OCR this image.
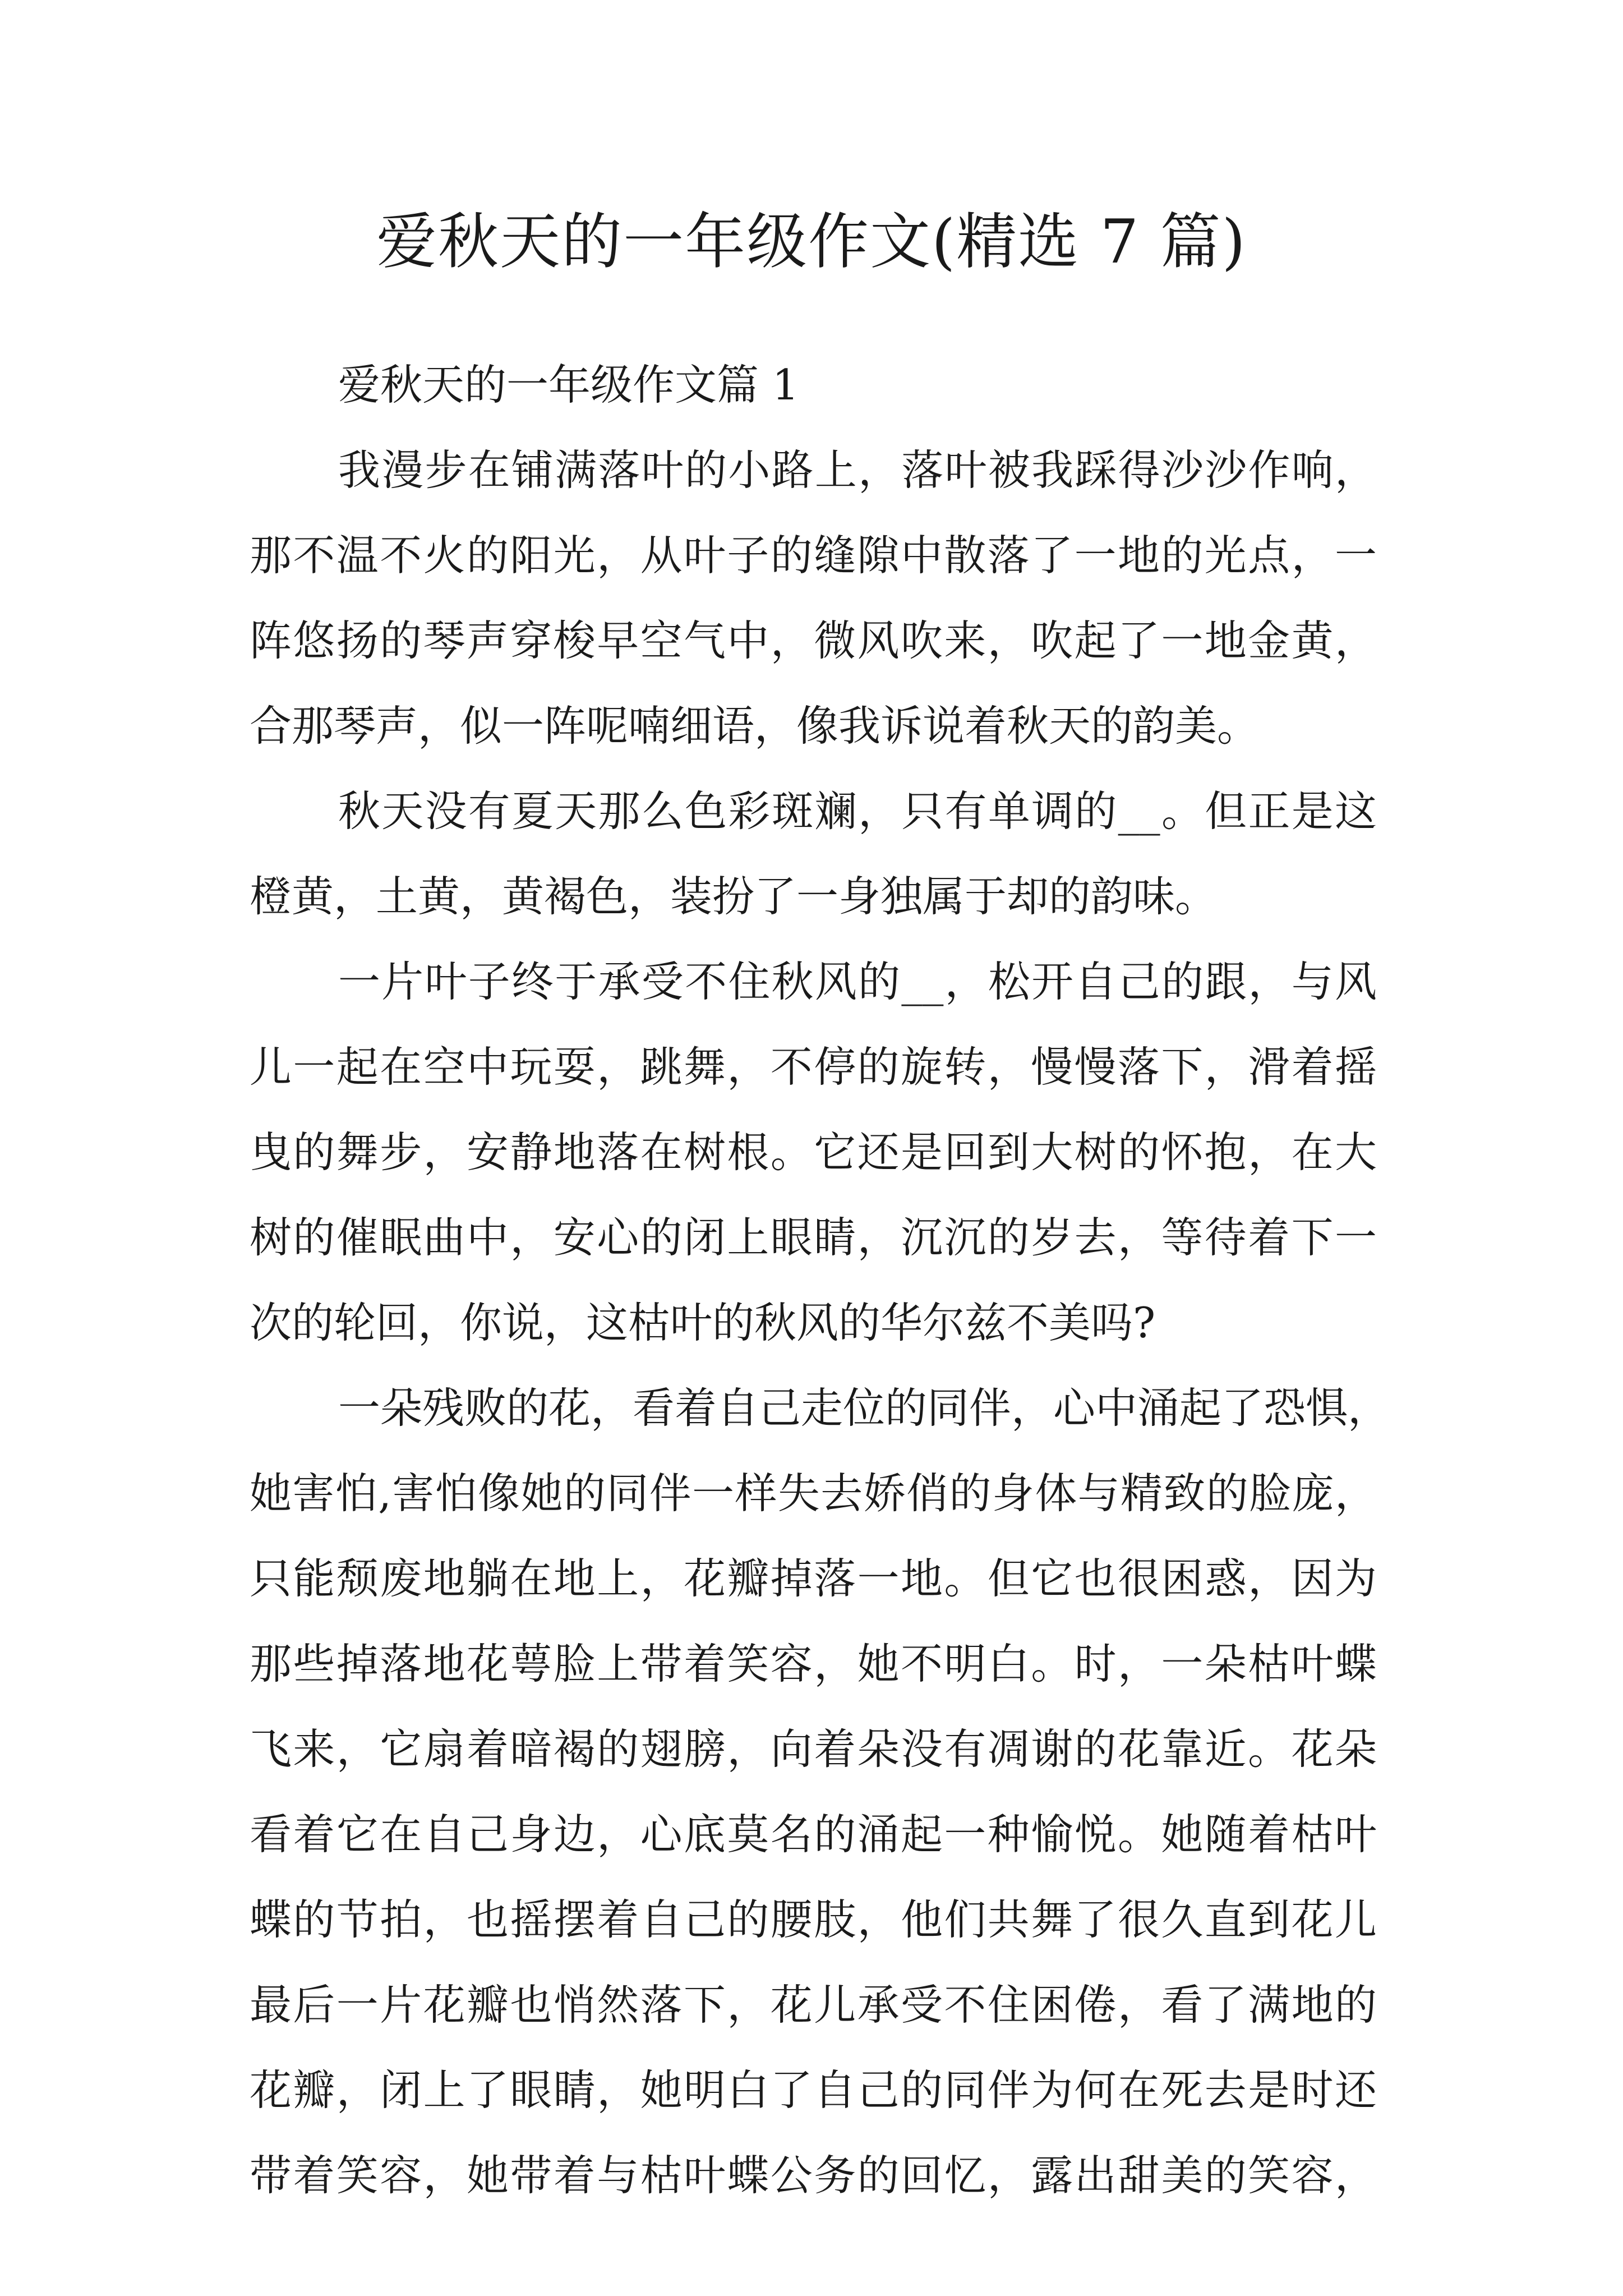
爱秋天的一年级作文(精选 7 篇)
爱秋天的一年级作文篇 1
我漫步在铺满落叶的小路上，落叶被我踩得沙沙作响，
那不温不火的阳光，从叶子的缝隙中散落了一地的光点，一
阵悠扬的琴声穿梭早空气中，微风吹来，吹起了一地金黄，
合那琴声，似一阵呢喃细语，像我诉说着秋天的韵美。
秋天没有夏天那么色彩斑斓，只有单调的__。但正是这
橙黄，土黄，黄褐色，装扮了一身独属于却的韵味。
一片叶子终于承受不住秋风的__，松开自己的跟，与风
儿一起在空中玩耍，跳舞，不停的旋转，慢慢落下，滑着摇
曳的舞步，安静地落在树根。它还是回到大树的怀抱，在大
树的催眠曲中，安心的闭上眼睛，沉沉的岁去，等待着下一
次的轮回，你说，这枯叶的秋风的华尔兹不美吗?
一朵残败的花，看着自己走位的同伴，心中涌起了恐惧，
她害怕,害怕像她的同伴一样失去娇俏的身体与精致的脸庞，
只能颓废地躺在地上，花瓣掉落一地。但它也很困惑，因为
那些掉落地花萼脸上带着笑容，她不明白。时，一朵枯叶蝶
飞来，它扇着暗褐的翅膀，向着朵没有凋谢的花靠近。花朵
看着它在自己身边，心底莫名的涌起一种愉悦。她随着枯叶
蝶的节拍，也摇摆着自己的腰肢，他们共舞了很久直到花儿
最后一片花瓣也悄然落下，花儿承受不住困倦，看了满地的
花瓣，闭上了眼睛，她明白了自己的同伴为何在死去是时还
带着笑容，她带着与枯叶蝶公务的回忆，露出甜美的笑容，
